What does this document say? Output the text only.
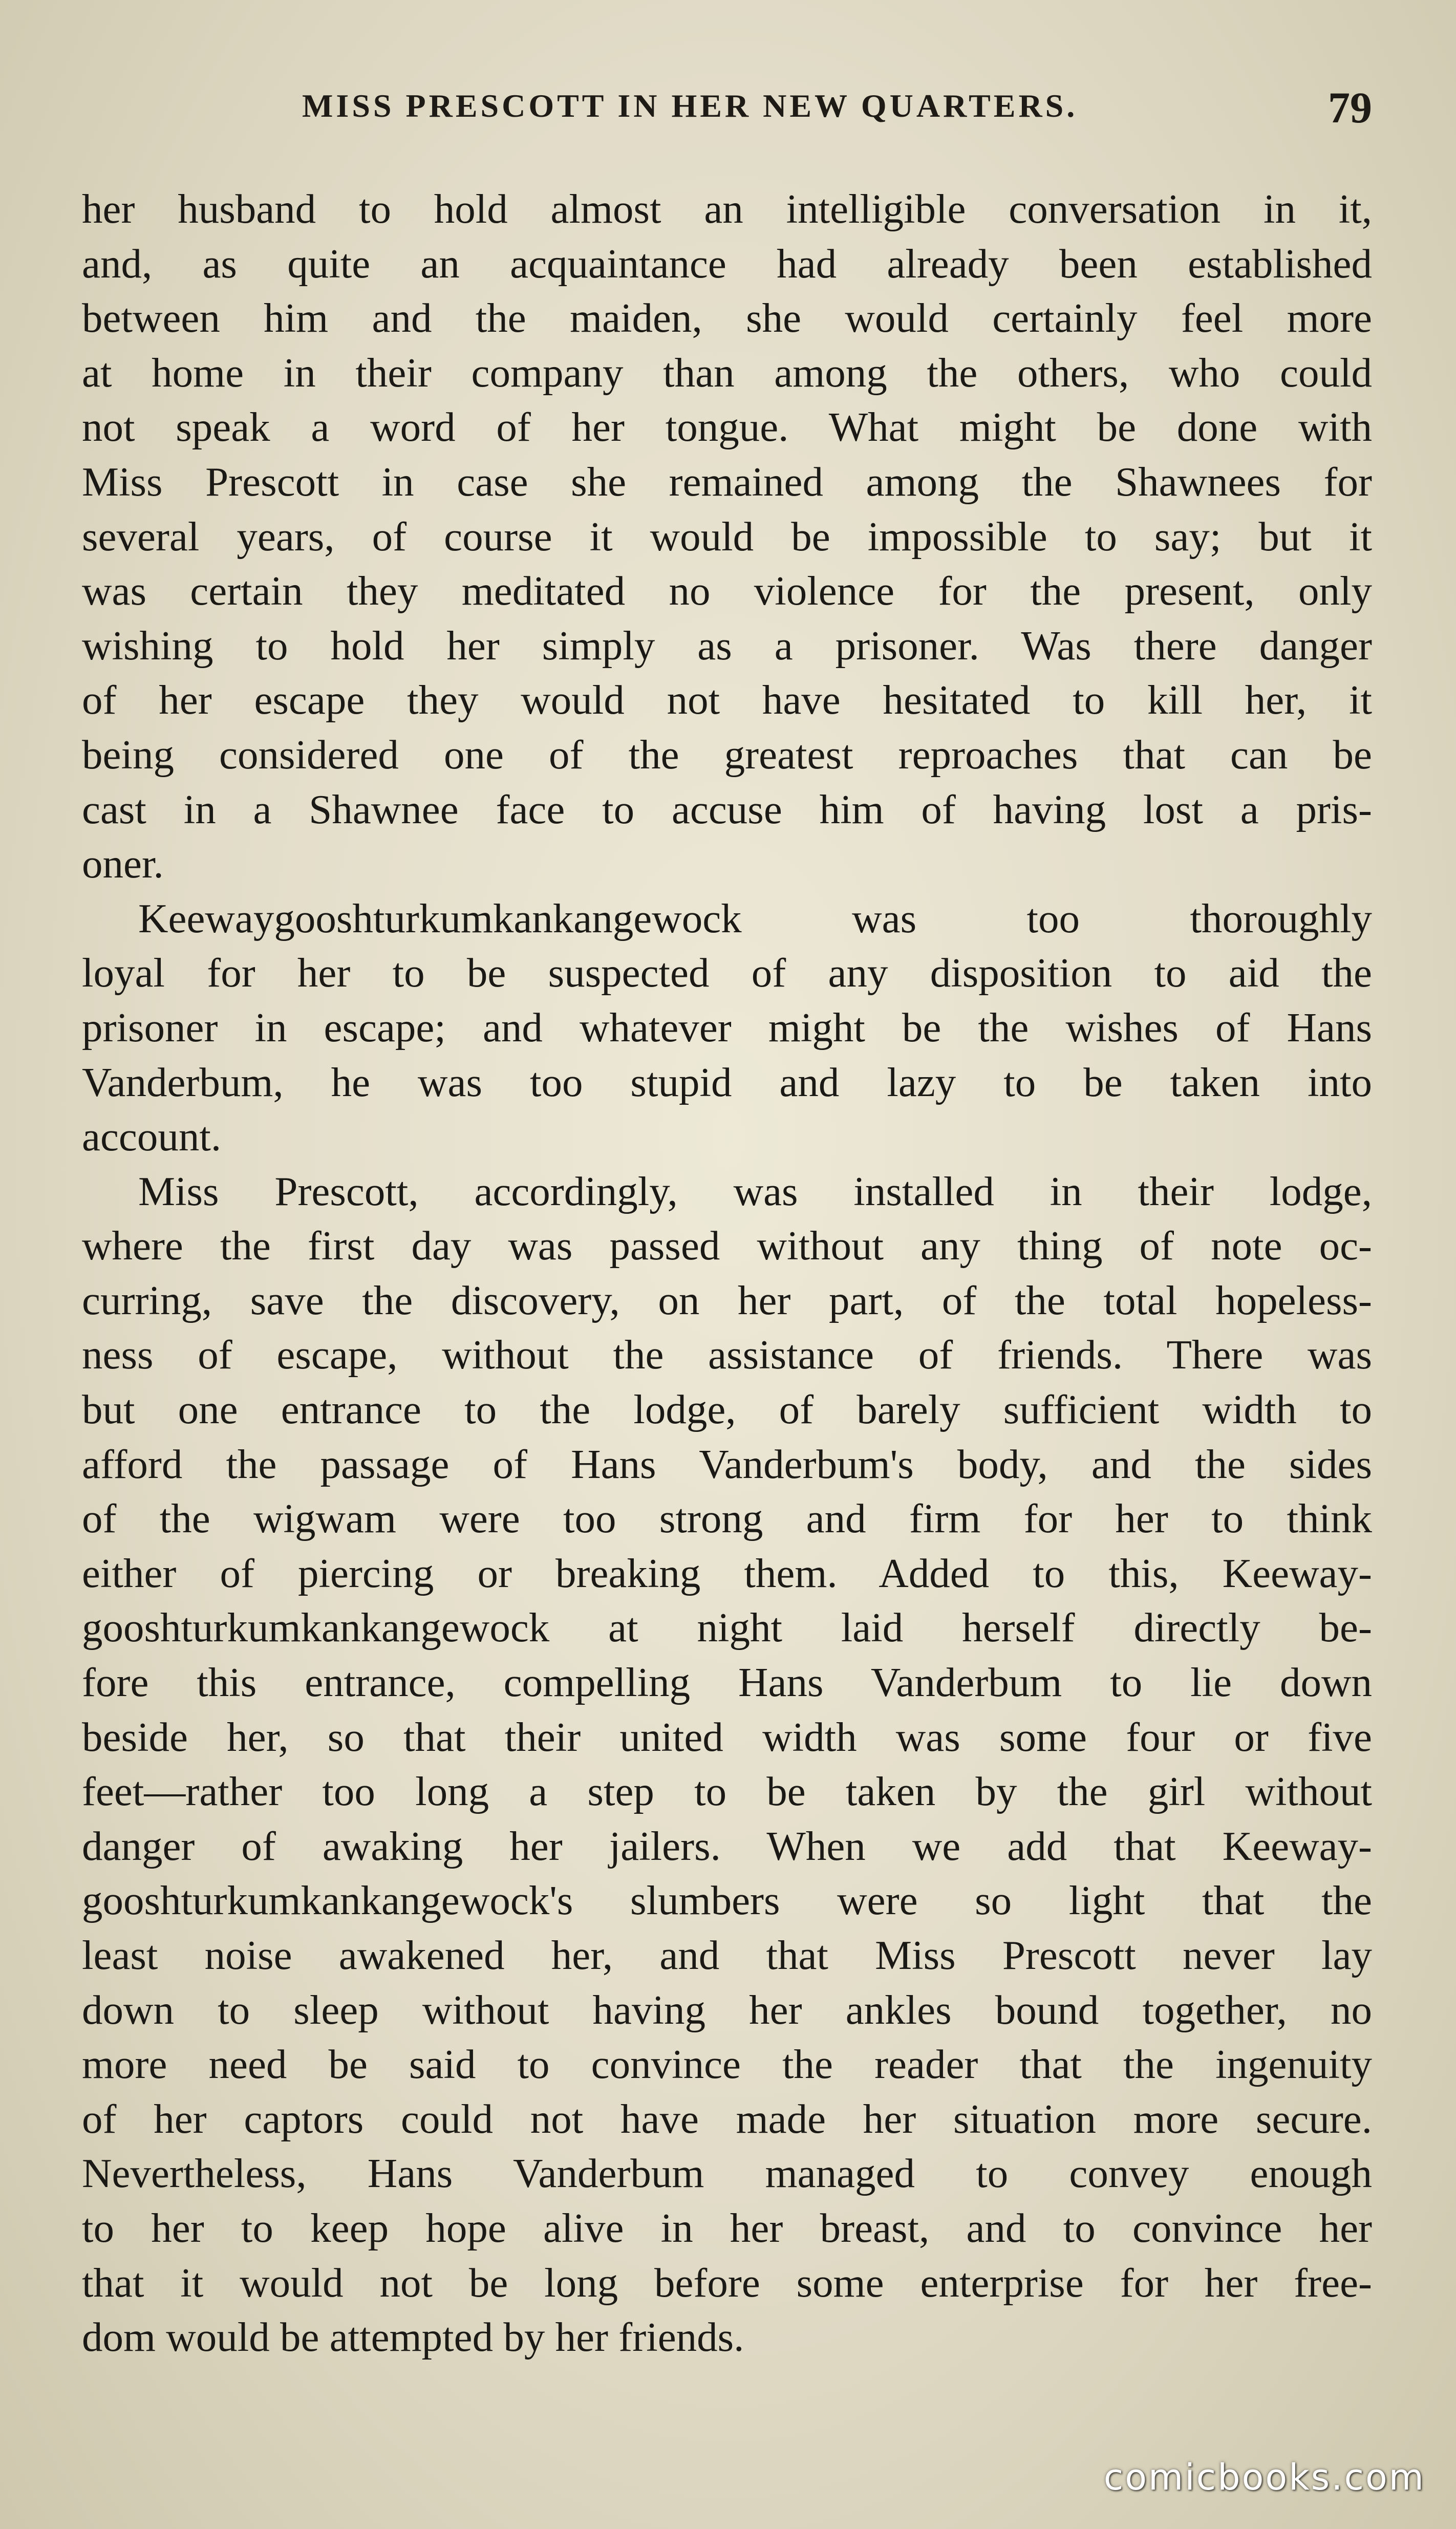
MISS PRESCOTT IN HER NEW QUARTERS.	79

her husband to hold almost an intelligible conversation in it,
and, as quite an acquaintance had already been established
between him and the maiden, she would certainly feel more
at home in their company than among the others, who could
not speak a word of her tongue. What might be done with
Miss Prescott in case she remained among the Shawnees for
several years, of course it would be impossible to say; but it
was certain they meditated no violence for the present, only
wishing to hold her simply as a prisoner. Was there danger
of her escape they would not have hesitated to kill her, it
being considered one of the greatest reproaches that can be
cast in a Shawnee face to accuse him of having lost a pris-
oner.

Keewaygooshturkumkankangewock was too thoroughly
loyal for her to be suspected of any disposition to aid the
prisoner in escape; and whatever might be the wishes of Hans
Vanderbum, he was too stupid and lazy to be taken into
account.

Miss Prescott, accordingly, was installed in their lodge,
where the first day was passed without any thing of note oc-
curring, save the discovery, on her part, of the total hopeless-
ness of escape, without the assistance of friends. There was
but one entrance to the lodge, of barely sufficient width to
afford the passage of Hans Vanderbum's body, and the sides
of the wigwam were too strong and firm for her to think
either of piercing or breaking them. Added to this, Keeway-
gooshturkumkankangewock at night laid herself directly be-
fore this entrance, compelling Hans Vanderbum to lie down
beside her, so that their united width was some four or five
feet—rather too long a step to be taken by the girl without
danger of awaking her jailers. When we add that Keeway-
gooshturkumkankangewock's slumbers were so light that the
least noise awakened her, and that Miss Prescott never lay
down to sleep without having her ankles bound together, no
more need be said to convince the reader that the ingenuity
of her captors could not have made her situation more secure.
Nevertheless, Hans Vanderbum managed to convey enough
to her to keep hope alive in her breast, and to convince her
that it would not be long before some enterprise for her free-
dom would be attempted by her friends.

comicbooks.com
